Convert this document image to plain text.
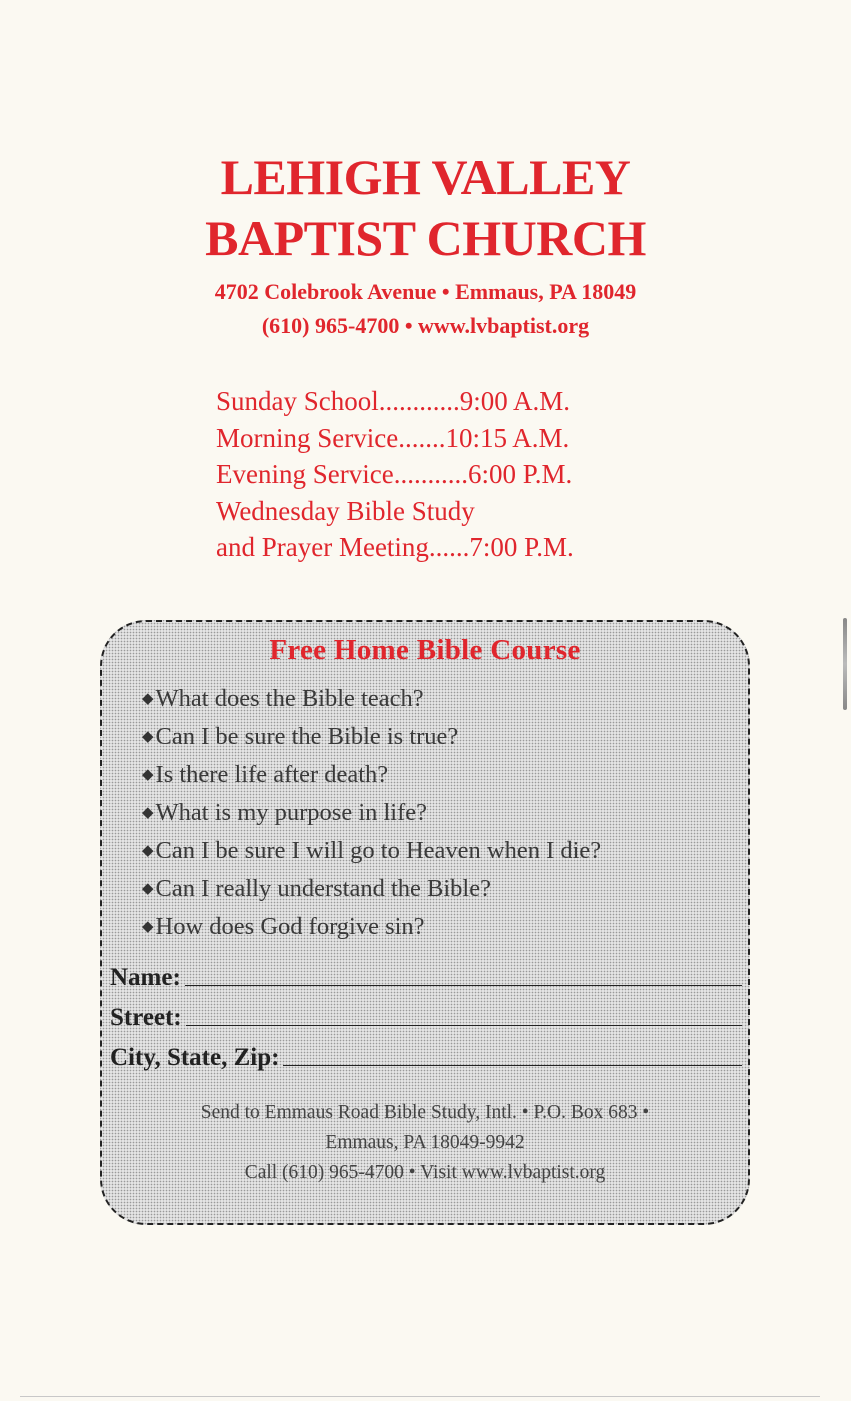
LEHIGH VALLEY
BAPTIST CHURCH
4702 Colebrook Avenue • Emmaus, PA 18049
(610) 965-4700 • www.lvbaptist.org
Sunday School............9:00 A.M.
Morning Service.......10:15 A.M.
Evening Service...........6:00 P.M.
Wednesday Bible Study
and Prayer Meeting......7:00 P.M.
Free Home Bible Course
◆What does the Bible teach?
◆Can I be sure the Bible is true?
◆Is there life after death?
◆What is my purpose in life?
◆Can I be sure I will go to Heaven when I die?
◆Can I really understand the Bible?
◆How does God forgive sin?
Name:
Street:
City, State, Zip:
Send to Emmaus Road Bible Study, Intl. • P.O. Box 683 •
Emmaus, PA 18049-9942
Call (610) 965-4700 • Visit www.lvbaptist.org
